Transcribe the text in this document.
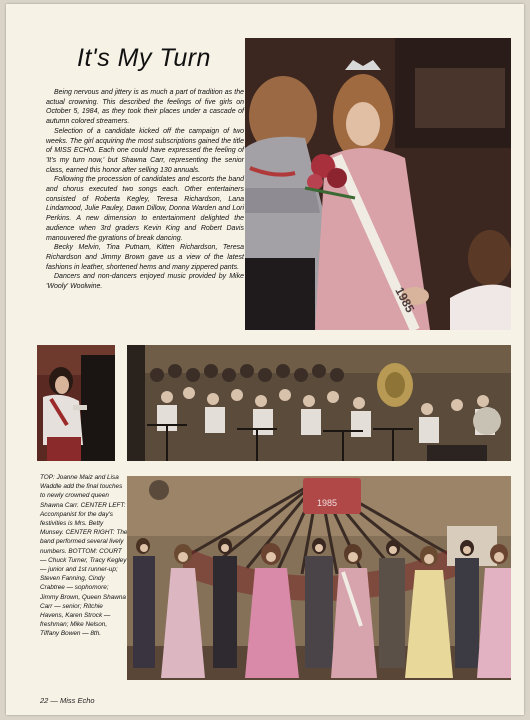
It's My Turn

Being nervous and jittery is as much a part of tradition as the actual crowning. This described the feelings of five girls on October 5, 1984, as they took their places under a cascade of autumn colored streamers.

Selection of a candidate kicked off the campaign of two weeks. The girl acquiring the most subscriptions gained the title of MISS ECHO. Each one could have expressed the feeling of 'It's my turn now,' but Shawna Carr, representing the senior class, earned this honor after selling 130 annuals.

Following the procession of candidates and escorts the band and chorus executed two songs each. Other entertainers consisted of Roberta Kegley, Teresa Richardson, Lana Lindamood, Julie Pauley, Dawn Dillow, Donna Warden and Lori Perkins. A new dimension to entertainment delighted the audience when 3rd graders Kevin King and Robert Davis manouvered the gyrations of break dancing.

Becky Melvin, Tina Putnam, Kitten Richardson, Teresa Richardson and Jimmy Brown gave us a view of the latest fashions in leather, shortened hems and many zippered pants.

Dancers and non-dancers enjoyed music provided by Mike 'Wooly' Woolwine.

TOP: Joanne Maiz and Lisa Waddle add the final touches to newly crowned queen Shawna Carr. CENTER LEFT: Accompanist for the day's festivities is Mrs. Betty Munsey. CENTER RIGHT: The band performed several lively numbers. BOTTOM: COURT — Chuck Turner, Tracy Kegley — junior and 1st runner-up; Steven Fanning, Cindy Crabtree — sophomore; Jimmy Brown, Queen Shawna Carr — senior; Ritchie Havens, Karen Strock — freshman; Mike Nelson, Tiffany Bowen — 8th.

22 — Miss Echo
1985
1985
